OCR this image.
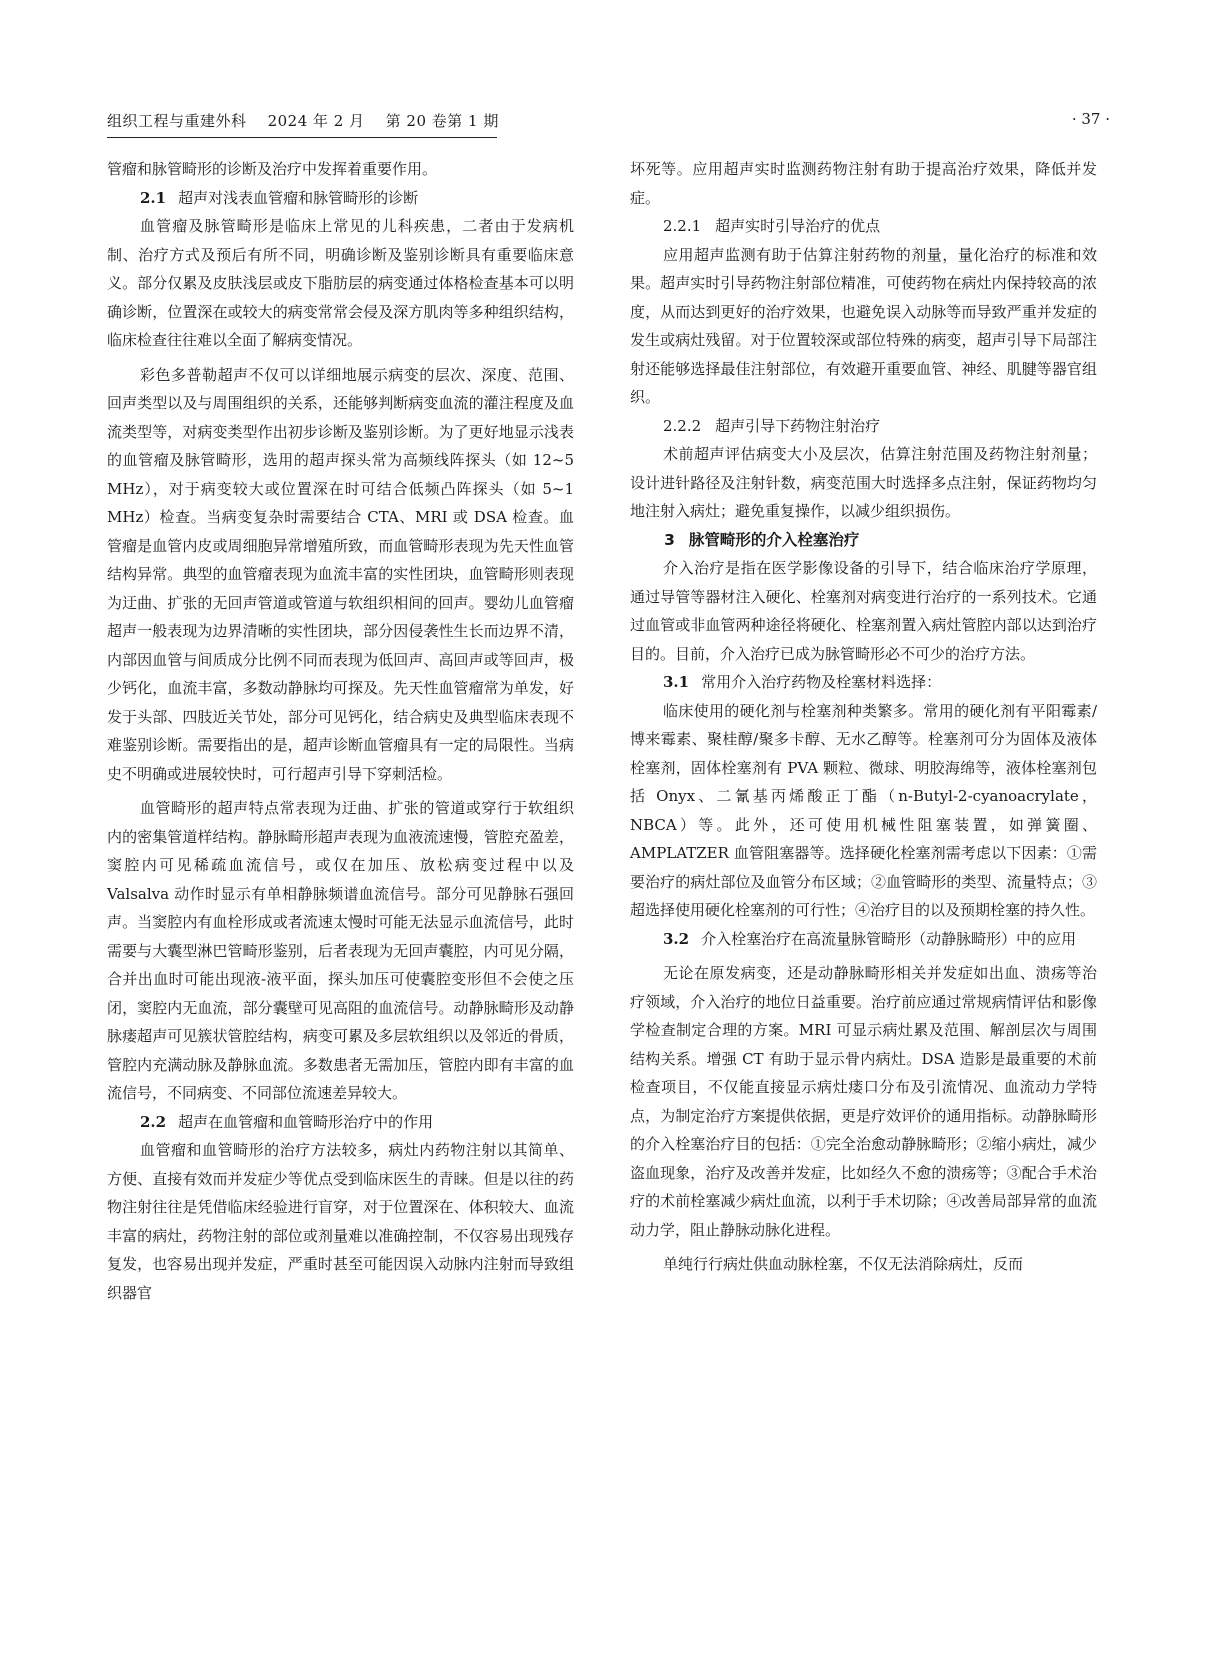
组织工程与重建外科    2024 年 2 月    第 20 卷第 1 期	· 37 ·

管瘤和脉管畸形的诊断及治疗中发挥着重要作用。

2.1 超声对浅表血管瘤和脉管畸形的诊断

血管瘤及脉管畸形是临床上常见的儿科疾患，二者由于发病机制、治疗方式及预后有所不同，明确诊断及鉴别诊断具有重要临床意义。部分仅累及皮肤浅层或皮下脂肪层的病变通过体格检查基本可以明确诊断，位置深在或较大的病变常常会侵及深方肌肉等多种组织结构，临床检查往往难以全面了解病变情况。

彩色多普勒超声不仅可以详细地展示病变的层次、深度、范围、回声类型以及与周围组织的关系，还能够判断病变血流的灌注程度及血流类型等，对病变类型作出初步诊断及鉴别诊断。为了更好地显示浅表的血管瘤及脉管畸形，选用的超声探头常为高频线阵探头（如 12~5 MHz），对于病变较大或位置深在时可结合低频凸阵探头（如 5~1 MHz）检查。当病变复杂时需要结合 CTA、MRI 或 DSA 检查。血管瘤是血管内皮或周细胞异常增殖所致，而血管畸形表现为先天性血管结构异常。典型的血管瘤表现为血流丰富的实性团块，血管畸形则表现为迂曲、扩张的无回声管道或管道与软组织相间的回声。婴幼儿血管瘤超声一般表现为边界清晰的实性团块，部分因侵袭性生长而边界不清，内部因血管与间质成分比例不同而表现为低回声、高回声或等回声，极少钙化，血流丰富，多数动静脉均可探及。先天性血管瘤常为单发，好发于头部、四肢近关节处，部分可见钙化，结合病史及典型临床表现不难鉴别诊断。需要指出的是，超声诊断血管瘤具有一定的局限性。当病史不明确或进展较快时，可行超声引导下穿刺活检。

血管畸形的超声特点常表现为迂曲、扩张的管道或穿行于软组织内的密集管道样结构。静脉畸形超声表现为血液流速慢，管腔充盈差，窦腔内可见稀疏血流信号，或仅在加压、放松病变过程中以及 Valsalva 动作时显示有单相静脉频谱血流信号。部分可见静脉石强回声。当窦腔内有血栓形成或者流速太慢时可能无法显示血流信号，此时需要与大囊型淋巴管畸形鉴别，后者表现为无回声囊腔，内可见分隔，合并出血时可能出现液-液平面，探头加压可使囊腔变形但不会使之压闭，窦腔内无血流，部分囊壁可见高阻的血流信号。动静脉畸形及动静脉瘘超声可见簇状管腔结构，病变可累及多层软组织以及邻近的骨质，管腔内充满动脉及静脉血流。多数患者无需加压，管腔内即有丰富的血流信号，不同病变、不同部位流速差异较大。

2.2 超声在血管瘤和血管畸形治疗中的作用

血管瘤和血管畸形的治疗方法较多，病灶内药物注射以其简单、方便、直接有效而并发症少等优点受到临床医生的青睐。但是以往的药物注射往往是凭借临床经验进行盲穿，对于位置深在、体积较大、血流丰富的病灶，药物注射的部位或剂量难以准确控制，不仅容易出现残存复发，也容易出现并发症，严重时甚至可能因误入动脉内注射而导致组织器官

坏死等。应用超声实时监测药物注射有助于提高治疗效果，降低并发症。

2.2.1 超声实时引导治疗的优点

应用超声监测有助于估算注射药物的剂量，量化治疗的标准和效果。超声实时引导药物注射部位精准，可使药物在病灶内保持较高的浓度，从而达到更好的治疗效果，也避免误入动脉等而导致严重并发症的发生或病灶残留。对于位置较深或部位特殊的病变，超声引导下局部注射还能够选择最佳注射部位，有效避开重要血管、神经、肌腱等器官组织。

2.2.2 超声引导下药物注射治疗

术前超声评估病变大小及层次，估算注射范围及药物注射剂量；设计进针路径及注射针数，病变范围大时选择多点注射，保证药物均匀地注射入病灶；避免重复操作，以减少组织损伤。

3 脉管畸形的介入栓塞治疗

介入治疗是指在医学影像设备的引导下，结合临床治疗学原理，通过导管等器材注入硬化、栓塞剂对病变进行治疗的一系列技术。它通过血管或非血管两种途径将硬化、栓塞剂置入病灶管腔内部以达到治疗目的。目前，介入治疗已成为脉管畸形必不可少的治疗方法。

3.1 常用介入治疗药物及栓塞材料选择：

临床使用的硬化剂与栓塞剂种类繁多。常用的硬化剂有平阳霉素/博来霉素、聚桂醇/聚多卡醇、无水乙醇等。栓塞剂可分为固体及液体栓塞剂，固体栓塞剂有 PVA 颗粒、微球、明胶海绵等，液体栓塞剂包括 Onyx、二氰基丙烯酸正丁酯（n-Butyl-2-cyanoacrylate，NBCA）等。此外，还可使用机械性阻塞装置，如弹簧圈、AMPLATZER 血管阻塞器等。选择硬化栓塞剂需考虑以下因素：①需要治疗的病灶部位及血管分布区域；②血管畸形的类型、流量特点；③超选择使用硬化栓塞剂的可行性；④治疗目的以及预期栓塞的持久性。

3.2 介入栓塞治疗在高流量脉管畸形（动静脉畸形）中的应用

无论在原发病变，还是动静脉畸形相关并发症如出血、溃疡等治疗领域，介入治疗的地位日益重要。治疗前应通过常规病情评估和影像学检查制定合理的方案。MRI 可显示病灶累及范围、解剖层次与周围结构关系。增强 CT 有助于显示骨内病灶。DSA 造影是最重要的术前检查项目，不仅能直接显示病灶瘘口分布及引流情况、血流动力学特点，为制定治疗方案提供依据，更是疗效评价的通用指标。动静脉畸形的介入栓塞治疗目的包括：①完全治愈动静脉畸形；②缩小病灶，减少盗血现象，治疗及改善并发症，比如经久不愈的溃疡等；③配合手术治疗的术前栓塞减少病灶血流，以利于手术切除；④改善局部异常的血流动力学，阻止静脉动脉化进程。

单纯行行病灶供血动脉栓塞，不仅无法消除病灶，反而
